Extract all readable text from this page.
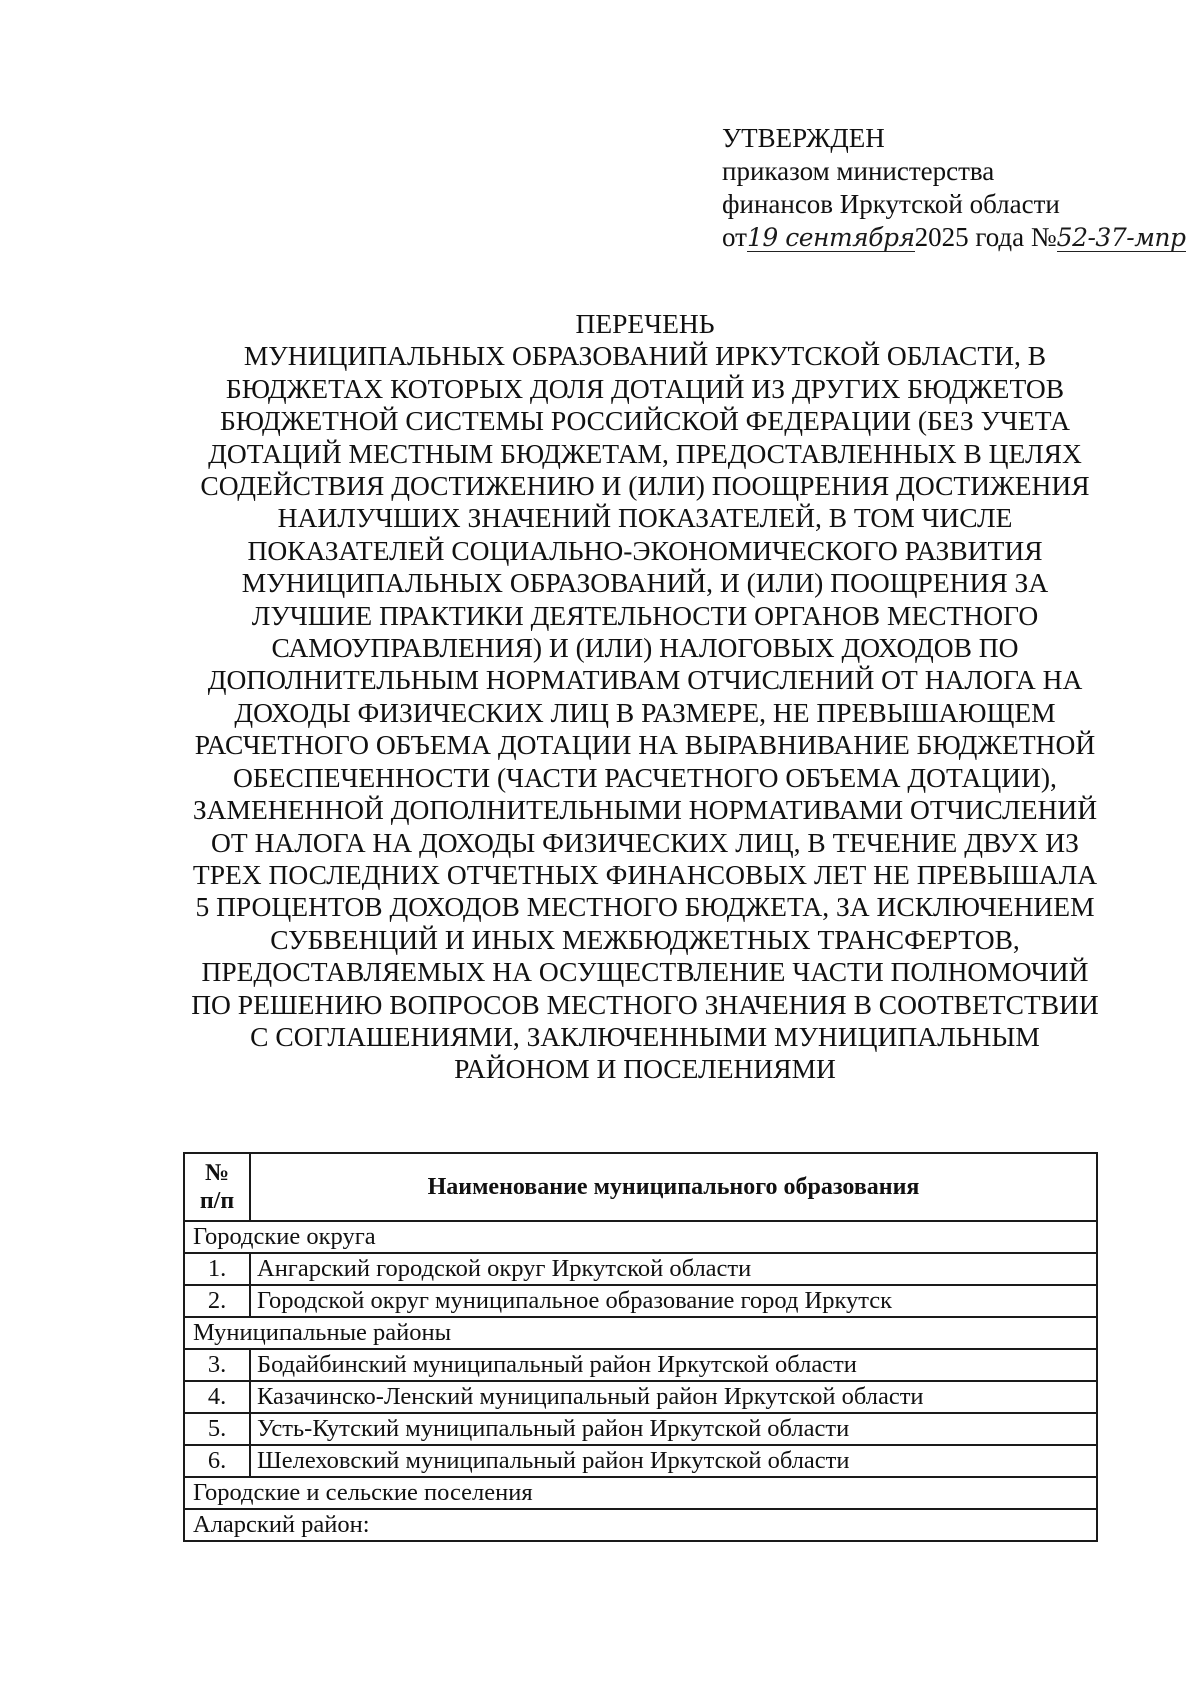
УТВЕРЖДЕН
приказом министерства
финансов Иркутской области
от19 сентября2025 года №52-37-мпр
ПЕРЕЧЕНЬ
МУНИЦИПАЛЬНЫХ ОБРАЗОВАНИЙ ИРКУТСКОЙ ОБЛАСТИ, В
БЮДЖЕТАХ КОТОРЫХ ДОЛЯ ДОТАЦИЙ ИЗ ДРУГИХ БЮДЖЕТОВ
БЮДЖЕТНОЙ СИСТЕМЫ РОССИЙСКОЙ ФЕДЕРАЦИИ (БЕЗ УЧЕТА
ДОТАЦИЙ МЕСТНЫМ БЮДЖЕТАМ, ПРЕДОСТАВЛЕННЫХ В ЦЕЛЯХ
СОДЕЙСТВИЯ ДОСТИЖЕНИЮ И (ИЛИ) ПООЩРЕНИЯ ДОСТИЖЕНИЯ
НАИЛУЧШИХ ЗНАЧЕНИЙ ПОКАЗАТЕЛЕЙ, В ТОМ ЧИСЛЕ
ПОКАЗАТЕЛЕЙ СОЦИАЛЬНО-ЭКОНОМИЧЕСКОГО РАЗВИТИЯ
МУНИЦИПАЛЬНЫХ ОБРАЗОВАНИЙ, И (ИЛИ) ПООЩРЕНИЯ ЗА
ЛУЧШИЕ ПРАКТИКИ ДЕЯТЕЛЬНОСТИ ОРГАНОВ МЕСТНОГО
САМОУПРАВЛЕНИЯ) И (ИЛИ) НАЛОГОВЫХ ДОХОДОВ ПО
ДОПОЛНИТЕЛЬНЫМ НОРМАТИВАМ ОТЧИСЛЕНИЙ ОТ НАЛОГА НА
ДОХОДЫ ФИЗИЧЕСКИХ ЛИЦ В РАЗМЕРЕ, НЕ ПРЕВЫШАЮЩЕМ
РАСЧЕТНОГО ОБЪЕМА ДОТАЦИИ НА ВЫРАВНИВАНИЕ БЮДЖЕТНОЙ
ОБЕСПЕЧЕННОСТИ (ЧАСТИ РАСЧЕТНОГО ОБЪЕМА ДОТАЦИИ),
ЗАМЕНЕННОЙ ДОПОЛНИТЕЛЬНЫМИ НОРМАТИВАМИ ОТЧИСЛЕНИЙ
ОТ НАЛОГА НА ДОХОДЫ ФИЗИЧЕСКИХ ЛИЦ, В ТЕЧЕНИЕ ДВУХ ИЗ
ТРЕХ ПОСЛЕДНИХ ОТЧЕТНЫХ ФИНАНСОВЫХ ЛЕТ НЕ ПРЕВЫШАЛА
5 ПРОЦЕНТОВ ДОХОДОВ МЕСТНОГО БЮДЖЕТА, ЗА ИСКЛЮЧЕНИЕМ
СУБВЕНЦИЙ И ИНЫХ МЕЖБЮДЖЕТНЫХ ТРАНСФЕРТОВ,
ПРЕДОСТАВЛЯЕМЫХ НА ОСУЩЕСТВЛЕНИЕ ЧАСТИ ПОЛНОМОЧИЙ
ПО РЕШЕНИЮ ВОПРОСОВ МЕСТНОГО ЗНАЧЕНИЯ В СООТВЕТСТВИИ
С СОГЛАШЕНИЯМИ, ЗАКЛЮЧЕННЫМИ МУНИЦИПАЛЬНЫМ
РАЙОНОМ И ПОСЕЛЕНИЯМИ
№
п/п	Наименование муниципального образования
Городские округа	
1.	Ангарский городской округ Иркутской области
2.	Городской округ муниципальное образование город Иркутск
Муниципальные районы	
3.	Бодайбинский муниципальный район Иркутской области
4.	Казачинско-Ленский муниципальный район Иркутской области
5.	Усть-Кутский муниципальный район Иркутской области
6.	Шелеховский муниципальный район Иркутской области
Городские и сельские поселения	
Аларский район:	
